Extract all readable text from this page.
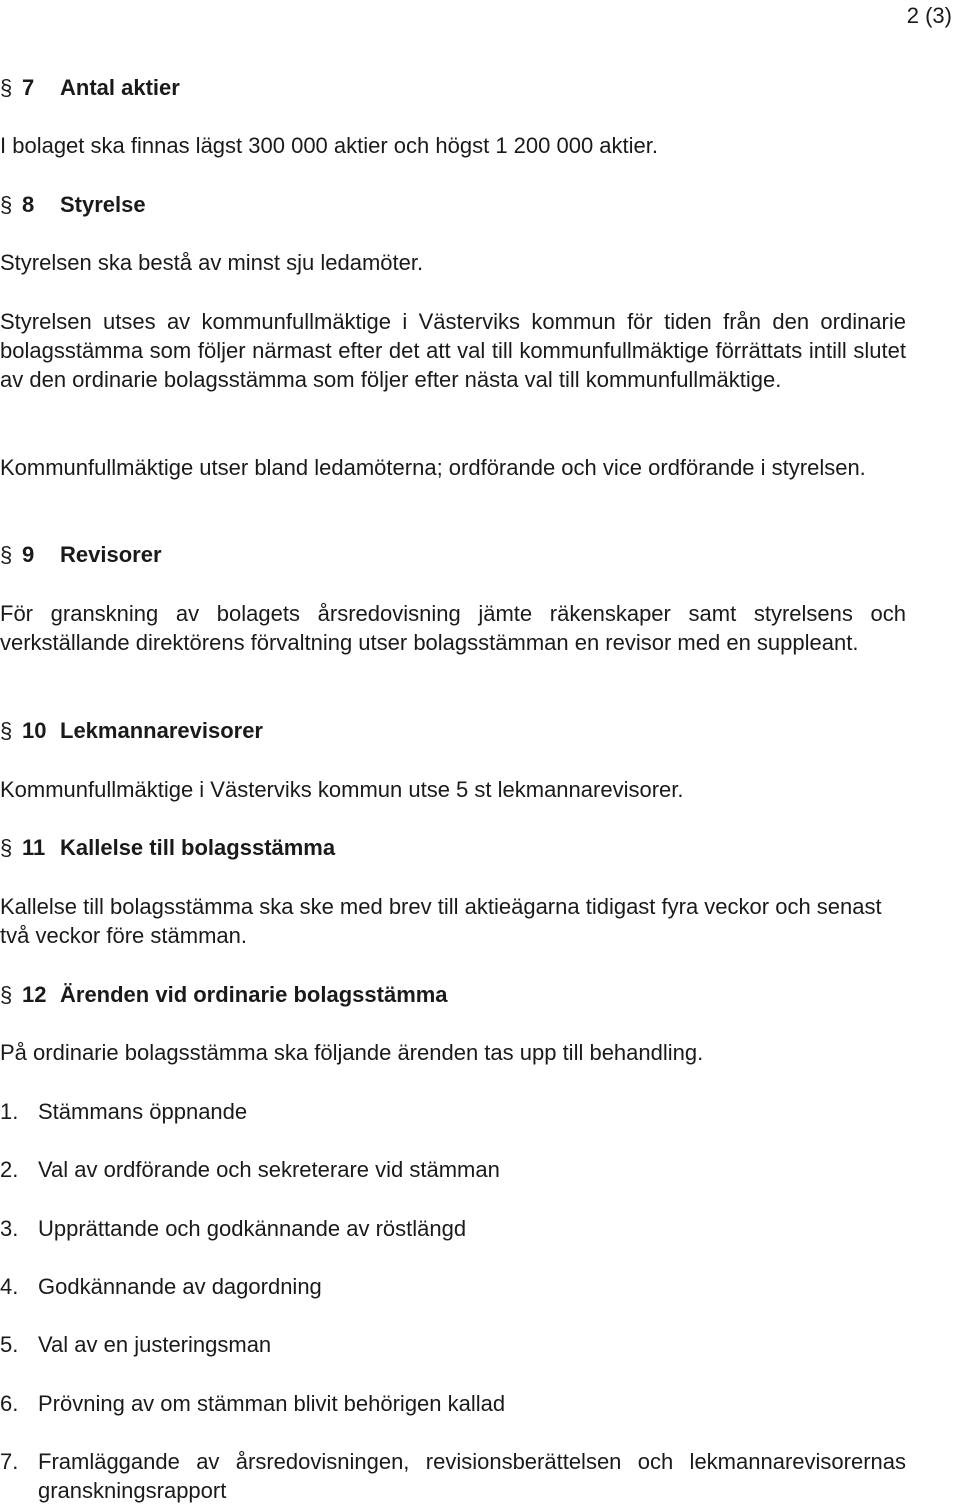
2 (3)
§ 7 Antal aktier
I bolaget ska finnas lägst 300 000 aktier och högst 1 200 000 aktier.
§ 8 Styrelse
Styrelsen ska bestå av minst sju ledamöter.
Styrelsen utses av kommunfullmäktige i Västerviks kommun för tiden från den ordinarie bolagsstämma som följer närmast efter det att val till kommunfullmäktige förrättats intill slutet av den ordinarie bolagsstämma som följer efter nästa val till kommunfullmäktige.
Kommunfullmäktige utser bland ledamöterna; ordförande och vice ordförande i styrelsen.
§ 9 Revisorer
För granskning av bolagets årsredovisning jämte räkenskaper samt styrelsens och verkställande direktörens förvaltning utser bolagsstämman en revisor med en suppleant.
§ 10 Lekmannarevisorer
Kommunfullmäktige i Västerviks kommun utse 5 st lekmannarevisorer.
§ 11 Kallelse till bolagsstämma
Kallelse till bolagsstämma ska ske med brev till aktieägarna tidigast fyra veckor och senast två veckor före stämman.
§ 12 Ärenden vid ordinarie bolagsstämma
På ordinarie bolagsstämma ska följande ärenden tas upp till behandling.
1. Stämmans öppnande
2. Val av ordförande och sekreterare vid stämman
3. Upprättande och godkännande av röstlängd
4. Godkännande av dagordning
5. Val av en justeringsman
6. Prövning av om stämman blivit behörigen kallad
7. Framläggande av årsredovisningen, revisionsberättelsen och lekmannarevisorernas granskningsrapport
